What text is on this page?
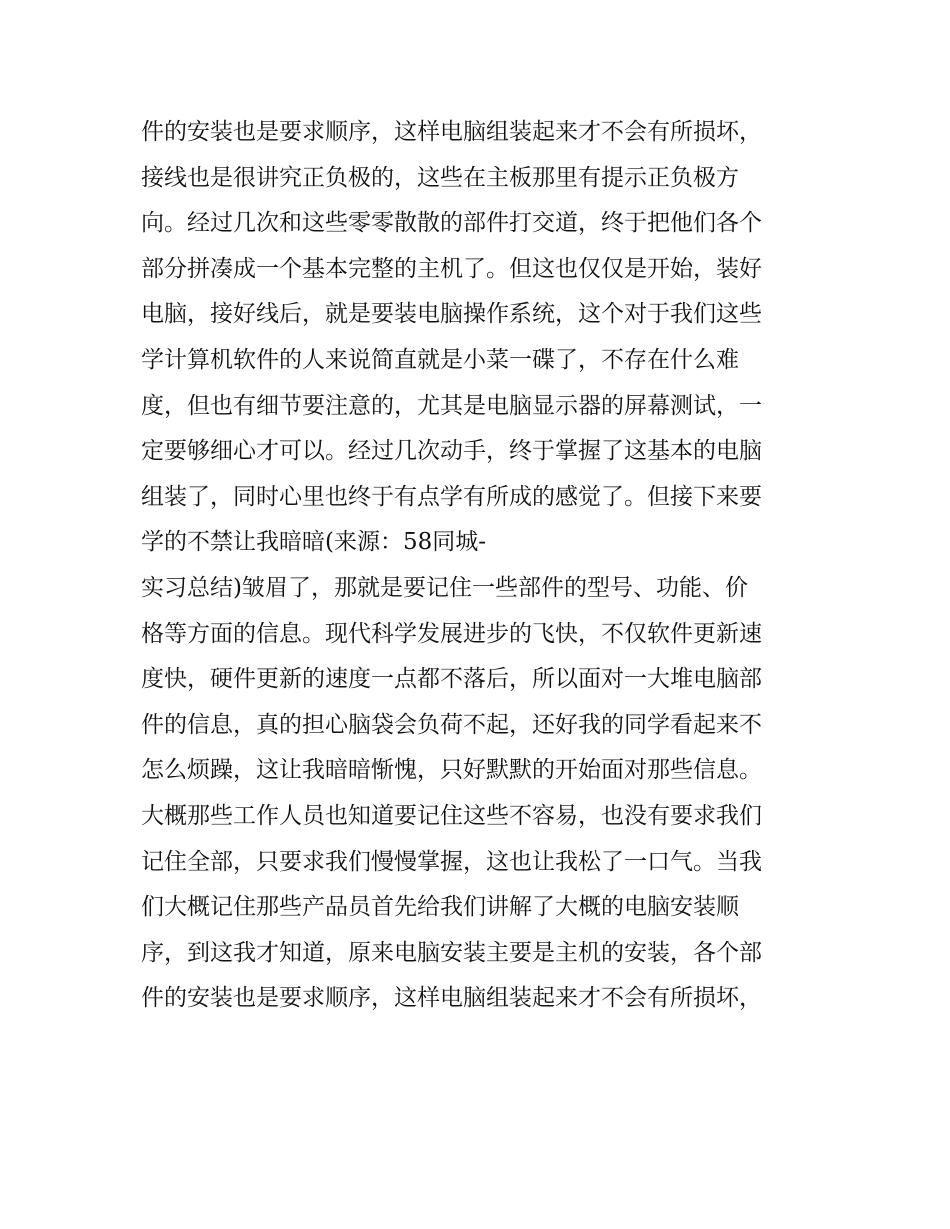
件的安装也是要求顺序，这样电脑组装起来才不会有所损坏，
接线也是很讲究正负极的，这些在主板那里有提示正负极方
向。经过几次和这些零零散散的部件打交道，终于把他们各个
部分拼凑成一个基本完整的主机了。但这也仅仅是开始，装好
电脑，接好线后，就是要装电脑操作系统，这个对于我们这些
学计算机软件的人来说简直就是小菜一碟了，不存在什么难
度，但也有细节要注意的，尤其是电脑显示器的屏幕测试，一
定要够细心才可以。经过几次动手，终于掌握了这基本的电脑
组装了，同时心里也终于有点学有所成的感觉了。但接下来要
学的不禁让我暗暗(来源：58同城-
实习总结)皱眉了，那就是要记住一些部件的型号、功能、价
格等方面的信息。现代科学发展进步的飞快，不仅软件更新速
度快，硬件更新的速度一点都不落后，所以面对一大堆电脑部
件的信息，真的担心脑袋会负荷不起，还好我的同学看起来不
怎么烦躁，这让我暗暗惭愧，只好默默的开始面对那些信息。
大概那些工作人员也知道要记住这些不容易，也没有要求我们
记住全部，只要求我们慢慢掌握，这也让我松了一口气。当我
们大概记住那些产品员首先给我们讲解了大概的电脑安装顺
序，到这我才知道，原来电脑安装主要是主机的安装，各个部
件的安装也是要求顺序，这样电脑组装起来才不会有所损坏，
